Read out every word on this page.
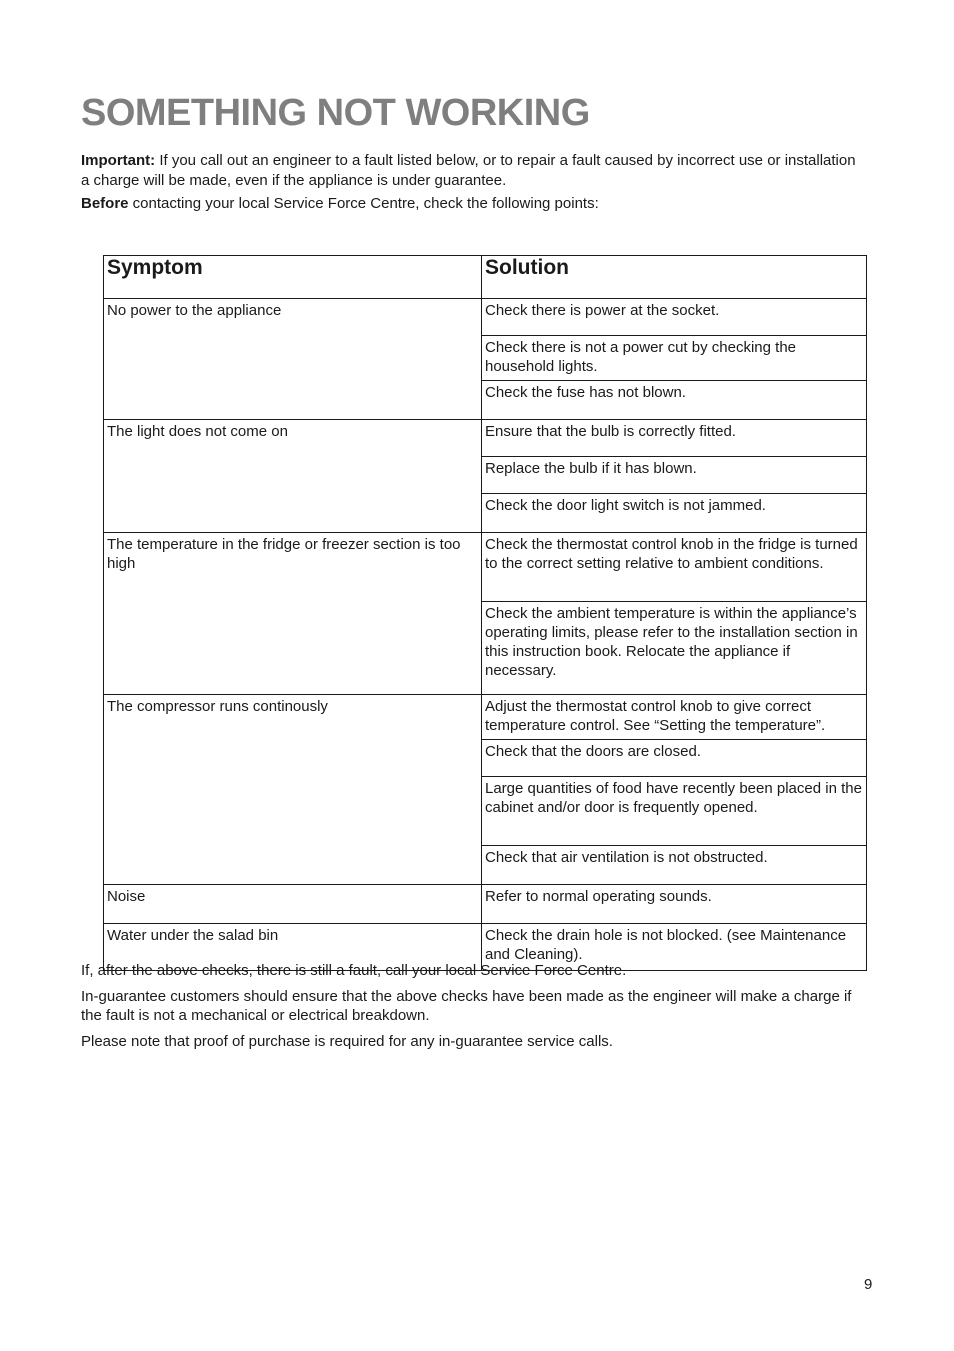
SOMETHING NOT WORKING

Important: If you call out an engineer to a fault listed below, or to repair a fault caused by incorrect use or installation a charge will be made, even if the appliance is under guarantee.

Before contacting your local Service Force Centre, check the following points:

Symptom	Solution
No power to the appliance	Check there is power at the socket.
Check there is not a power cut by checking the household lights.
Check the fuse has not blown.

The light does not come on	Ensure that the bulb is correctly fitted.
Replace the bulb if it has blown.
Check the door light switch is not jammed.

The temperature in the fridge or freezer section is too high	Check the thermostat control knob in the fridge is turned to the correct setting relative to ambient conditions.
Check the ambient temperature is within the appliance’s operating limits, please refer to the installation section in this instruction book. Relocate the appliance if necessary.

The compressor runs continously	Adjust the thermostat control knob to give correct temperature control. See “Setting the temperature”.
Check that the doors are closed.
Large quantities of food have recently been placed in the cabinet and/or door is frequently opened.
Check that air ventilation is not obstructed.

Noise	Refer to normal operating sounds.

Water under the salad bin	Check the drain hole is not blocked. (see Maintenance and Cleaning).

If, after the above checks, there is still a fault, call your local Service Force Centre.

In-guarantee customers should ensure that the above checks have been made as the engineer will make a charge if the fault is not a mechanical or electrical breakdown.

Please note that proof of purchase is required for any in-guarantee service calls.

9
